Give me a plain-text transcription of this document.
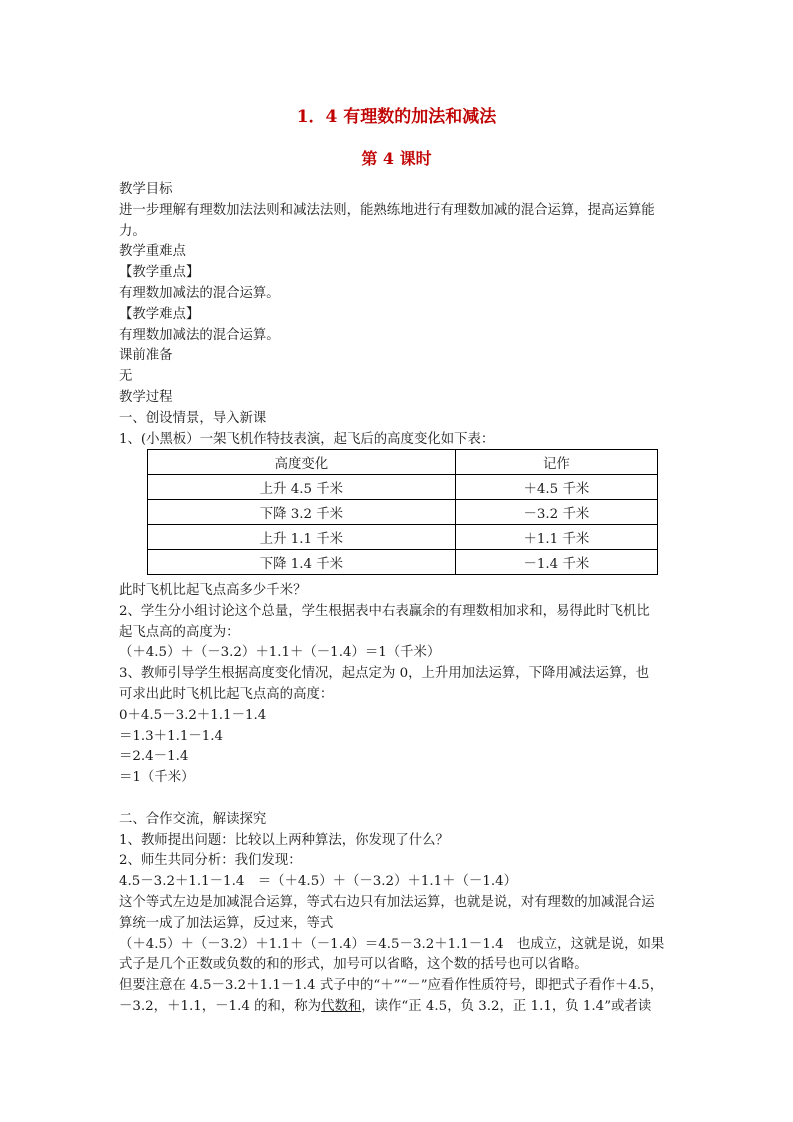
1．4 有理数的加法和减法
第 4 课时
教学目标
进一步理解有理数加法法则和减法法则，能熟练地进行有理数加减的混合运算，提高运算能
力。
教学重难点
【教学重点】
有理数加减法的混合运算。
【教学难点】
有理数加减法的混合运算。
课前准备
无
教学过程
一、创设情景，导入新课
1、(小黑板）一架飞机作特技表演，起飞后的高度变化如下表：
高度变化	记作
上升 4.5 千米	＋4.5 千米
下降 3.2 千米	－3.2 千米
上升 1.1 千米	＋1.1 千米
下降 1.4 千米	－1.4 千米
此时飞机比起飞点高多少千米？
2、学生分小组讨论这个总量，学生根据表中右表赢余的有理数相加求和，易得此时飞机比
起飞点高的高度为：
（＋4.5）＋（－3.2）＋1.1＋（－1.4）＝1（千米）
3、教师引导学生根据高度变化情况，起点定为 0，上升用加法运算，下降用减法运算，也
可求出此时飞机比起飞点高的高度：
0＋4.5－3.2＋1.1－1.4
＝1.3＋1.1－1.4
＝2.4－1.4
＝1（千米）
二、合作交流，解读探究
1、教师提出问题：比较以上两种算法，你发现了什么？
2、师生共同分析：我们发现：
4.5－3.2＋1.1－1.4　＝（＋4.5）＋（－3.2）＋1.1＋（－1.4）
这个等式左边是加减混合运算，等式右边只有加法运算，也就是说，对有理数的加减混合运
算统一成了加法运算，反过来，等式
（＋4.5）＋（－3.2）＋1.1＋（－1.4）＝4.5－3.2＋1.1－1.4　也成立，这就是说，如果
式子是几个正数或负数的和的形式，加号可以省略，这个数的括号也可以省略。
但要注意在 4.5－3.2＋1.1－1.4 式子中的“＋”“－”应看作性质符号，即把式子看作＋4.5，
－3.2，＋1.1，－1.4 的和，称为代数和，读作“正 4.5，负 3.2，正 1.1，负 1.4”或者读
